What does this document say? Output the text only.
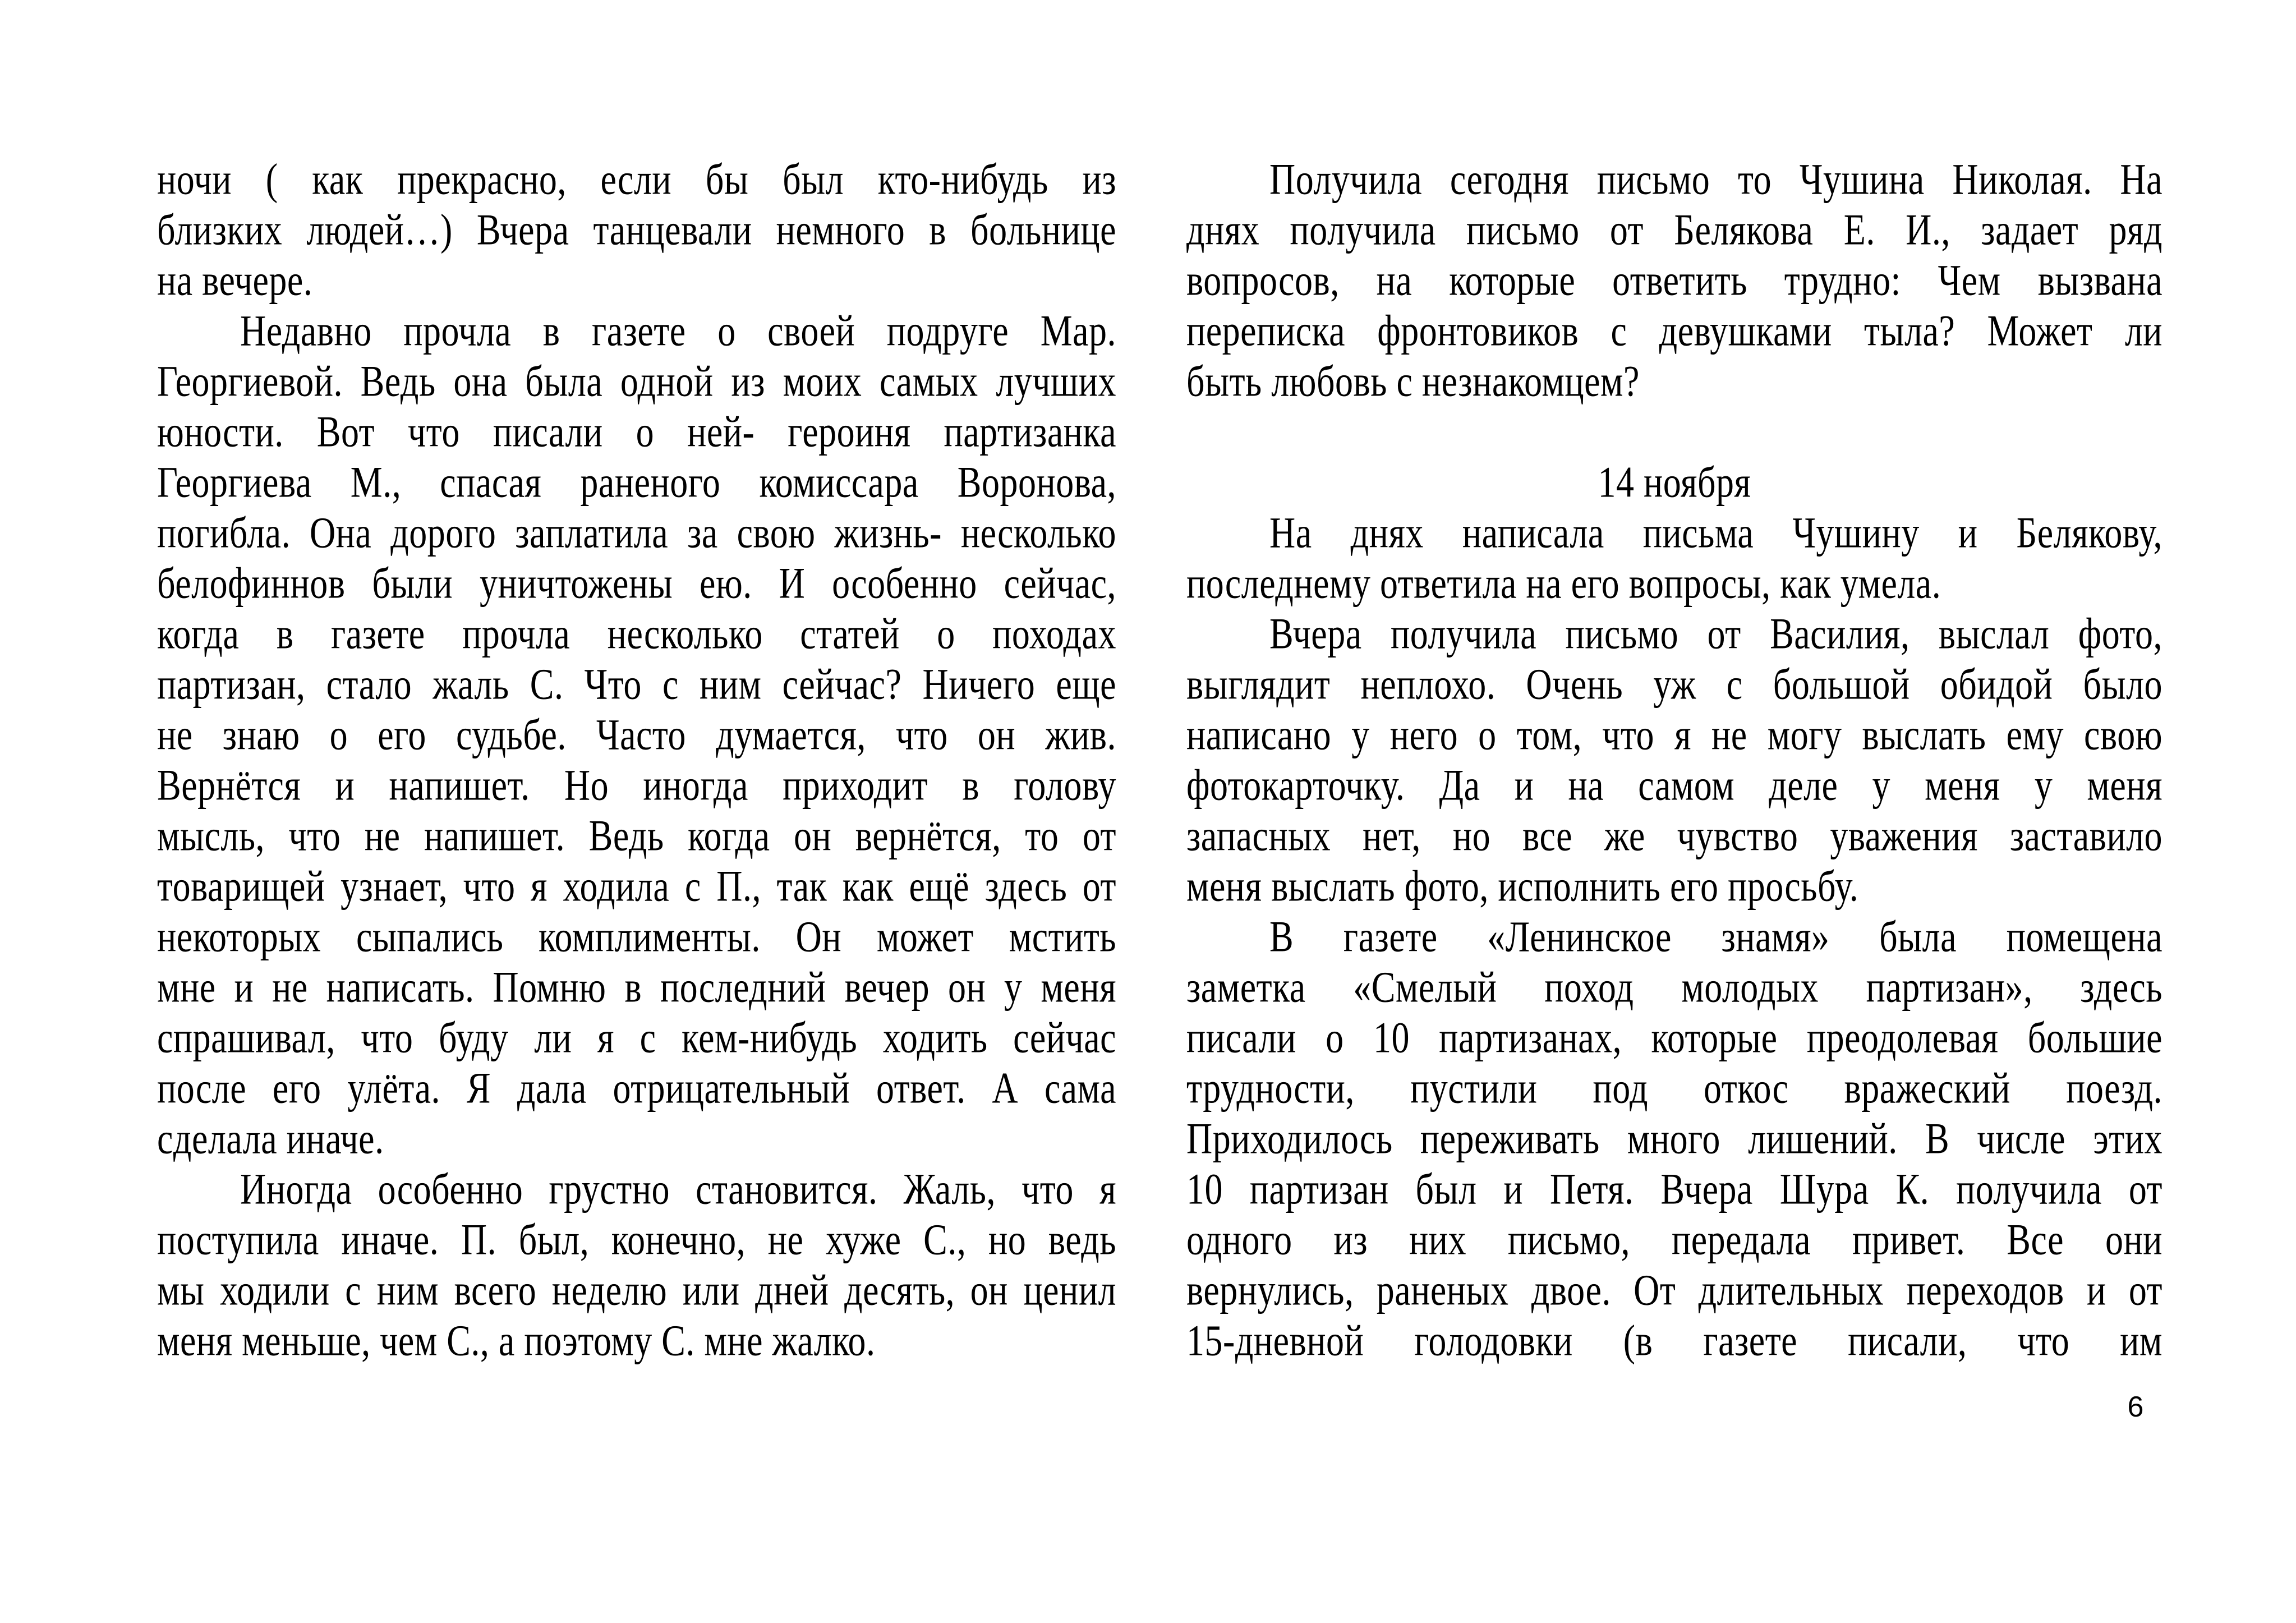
ночи ( как прекрасно, если бы был кто-нибудь из
близких людей…) Вчера танцевали немного в больнице
на вечере.
Недавно прочла в газете о своей подруге Мар.
Георгиевой. Ведь она была одной из моих самых лучших
юности. Вот что писали о ней- героиня партизанка
Георгиева М., спасая раненого комиссара Воронова,
погибла. Она дорого заплатила за свою жизнь- несколько
белофиннов были уничтожены ею. И особенно сейчас,
когда в газете прочла несколько статей о походах
партизан, стало жаль С. Что с ним сейчас? Ничего еще
не знаю о его судьбе. Часто думается, что он жив.
Вернётся и напишет. Но иногда приходит в голову
мысль, что не напишет. Ведь когда он вернётся, то от
товарищей узнает, что я ходила с П., так как ещё здесь от
некоторых сыпались комплименты. Он может мстить
мне и не написать. Помню в последний вечер он у меня
спрашивал, что буду ли я с кем-нибудь ходить сейчас
после его улёта. Я дала отрицательный ответ. А сама
сделала иначе.
Иногда особенно грустно становится. Жаль, что я
поступила иначе. П. был, конечно, не хуже С., но ведь
мы ходили с ним всего неделю или дней десять, он ценил
меня меньше, чем С., а поэтому С. мне жалко.
Получила сегодня письмо то Чушина Николая. На
днях получила письмо от Белякова Е. И., задает ряд
вопросов, на которые ответить трудно: Чем вызвана
переписка фронтовиков с девушками тыла? Может ли
быть любовь с незнакомцем?
14 ноября
На днях написала письма Чушину и Белякову,
последнему ответила на его вопросы, как умела.
Вчера получила письмо от Василия, выслал фото,
выглядит неплохо. Очень уж с большой обидой было
написано у него о том, что я не могу выслать ему свою
фотокарточку. Да и на самом деле у меня у меня
запасных нет, но все же чувство уважения заставило
меня выслать фото, исполнить его просьбу.
В газете «Ленинское знамя» была помещена
заметка «Смелый поход молодых партизан», здесь
писали о 10 партизанах, которые преодолевая большие
трудности, пустили под откос вражеский поезд.
Приходилось переживать много лишений. В числе этих
10 партизан был и Петя. Вчера Шура К. получила от
одного из них письмо, передала привет. Все они
вернулись, раненых двое. От длительных переходов и от
15-дневной голодовки (в газете писали, что им
6
